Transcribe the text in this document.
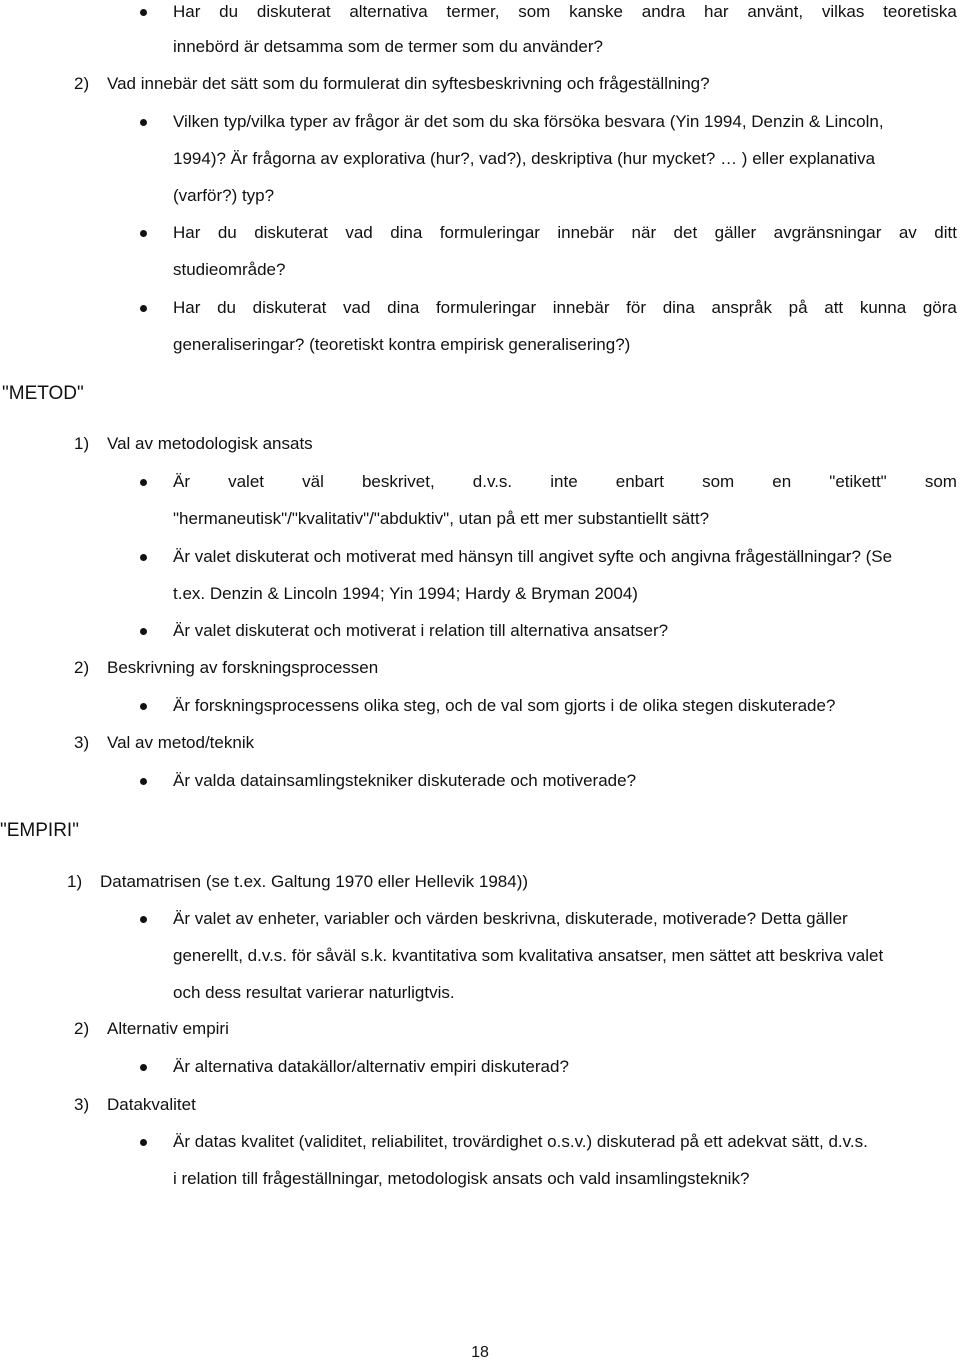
Har du diskuterat alternativa termer, som kanske andra har använt, vilkas teoretiska
innebörd är detsamma som de termer som du använder?
2) Vad innebär det sätt som du formulerat din syftesbeskrivning och frågeställning?
Vilken typ/vilka typer av frågor är det som du ska försöka besvara (Yin 1994, Denzin & Lincoln,
1994)? Är frågorna av explorativa (hur?, vad?), deskriptiva (hur mycket? … ) eller explanativa
(varför?) typ?
Har du diskuterat vad dina formuleringar innebär när det gäller avgränsningar av ditt
studieområde?
Har du diskuterat vad dina formuleringar innebär för dina anspråk på att kunna göra
generaliseringar? (teoretiskt kontra empirisk generalisering?)
"METOD"
1) Val av metodologisk ansats
Är valet väl beskrivet, d.v.s. inte enbart som en "etikett" som
"hermaneutisk"/"kvalitativ"/"abduktiv", utan på ett mer substantiellt sätt?
Är valet diskuterat och motiverat med hänsyn till angivet syfte och angivna frågeställningar? (Se
t.ex. Denzin & Lincoln 1994; Yin 1994; Hardy & Bryman 2004)
Är valet diskuterat och motiverat i relation till alternativa ansatser?
2) Beskrivning av forskningsprocessen
Är forskningsprocessens olika steg, och de val som gjorts i de olika stegen diskuterade?
3) Val av metod/teknik
Är valda datainsamlingstekniker diskuterade och motiverade?
"EMPIRI"
1) Datamatrisen (se t.ex. Galtung 1970 eller Hellevik 1984))
Är valet av enheter, variabler och värden beskrivna, diskuterade, motiverade? Detta gäller
generellt, d.v.s. för såväl s.k. kvantitativa som kvalitativa ansatser, men sättet att beskriva valet
och dess resultat varierar naturligtvis.
2) Alternativ empiri
Är alternativa datakällor/alternativ empiri diskuterad?
3) Datakvalitet
Är datas kvalitet (validitet, reliabilitet, trovärdighet o.s.v.) diskuterad på ett adekvat sätt, d.v.s.
i relation till frågeställningar, metodologisk ansats och vald insamlingsteknik?
18
